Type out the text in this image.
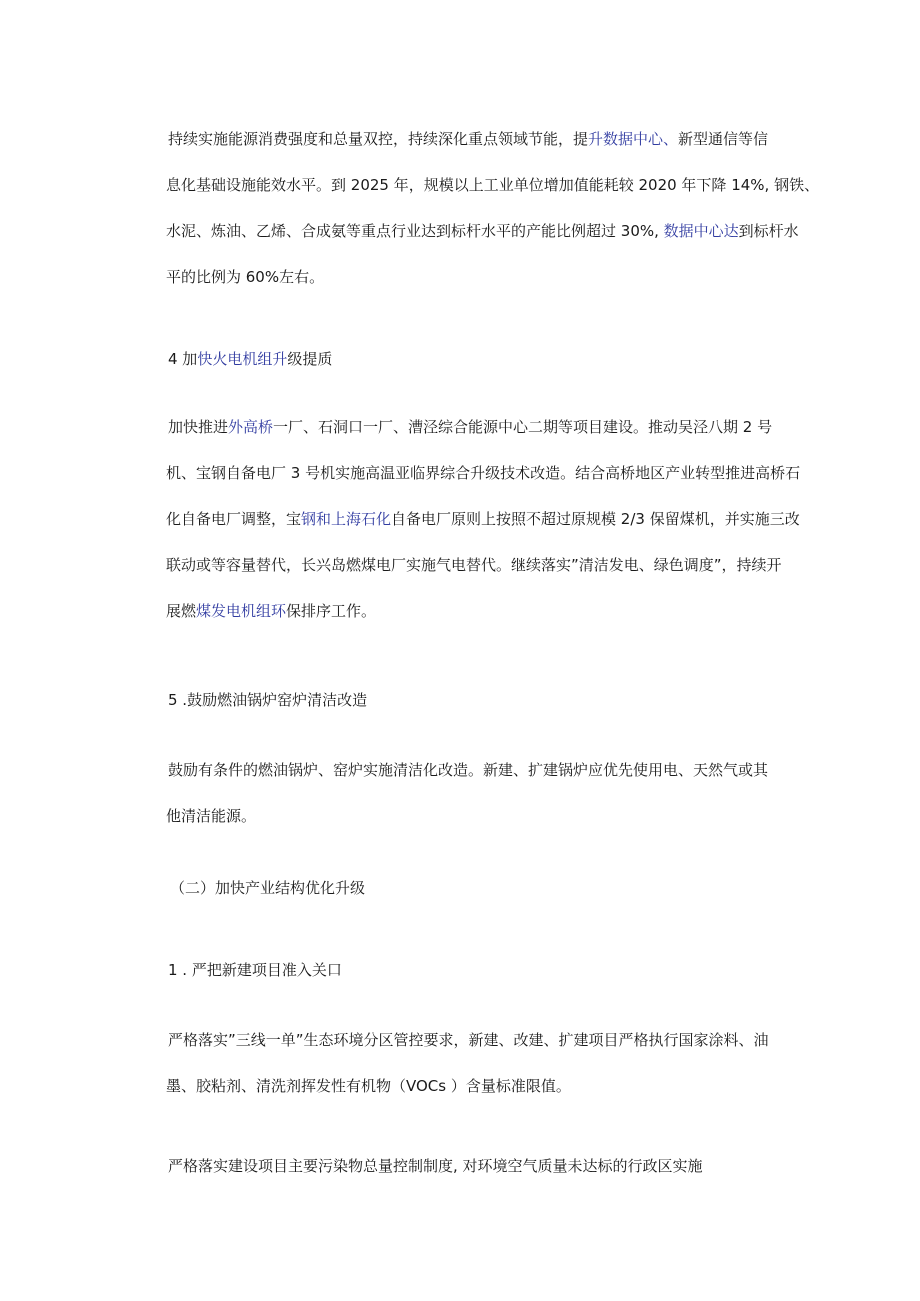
持续实施能源消费强度和总量双控，持续深化重点领域节能，提升数据中心、新型通信等信
息化基础设施能效水平。到 2025 年，规模以上工业单位增加值能耗较 2020 年下降 14%, 钢铁、
水泥、炼油、乙烯、合成氨等重点行业达到标杆水平的产能比例超过 30%, 数据中心达到标杆水
平的比例为 60%左右。
4 加快火电机组升级提质
加快推进外高桥一厂、石洞口一厂、漕泾综合能源中心二期等项目建设。推动吴泾八期 2 号
机、宝钢自备电厂 3 号机实施高温亚临界综合升级技术改造。结合高桥地区产业转型推进高桥石
化自备电厂调整，宝钢和上海石化自备电厂原则上按照不超过原规模 2/3 保留煤机，并实施三改
联动或等容量替代，长兴岛燃煤电厂实施气电替代。继续落实”清洁发电、绿色调度”，持续开
展燃煤发电机组环保排序工作。
5 .鼓励燃油锅炉窑炉清洁改造
鼓励有条件的燃油锅炉、窑炉实施清洁化改造。新建、扩建锅炉应优先使用电、天然气或其
他清洁能源。
（二）加快产业结构优化升级
1 . 严把新建项目准入关口
严格落实”三线一单”生态环境分区管控要求，新建、改建、扩建项目严格执行国家涂料、油
墨、胶粘剂、清洗剂挥发性有机物（VOCs ）含量标准限值。
严格落实建设项目主要污染物总量控制制度, 对环境空气质量未达标的行政区实施
